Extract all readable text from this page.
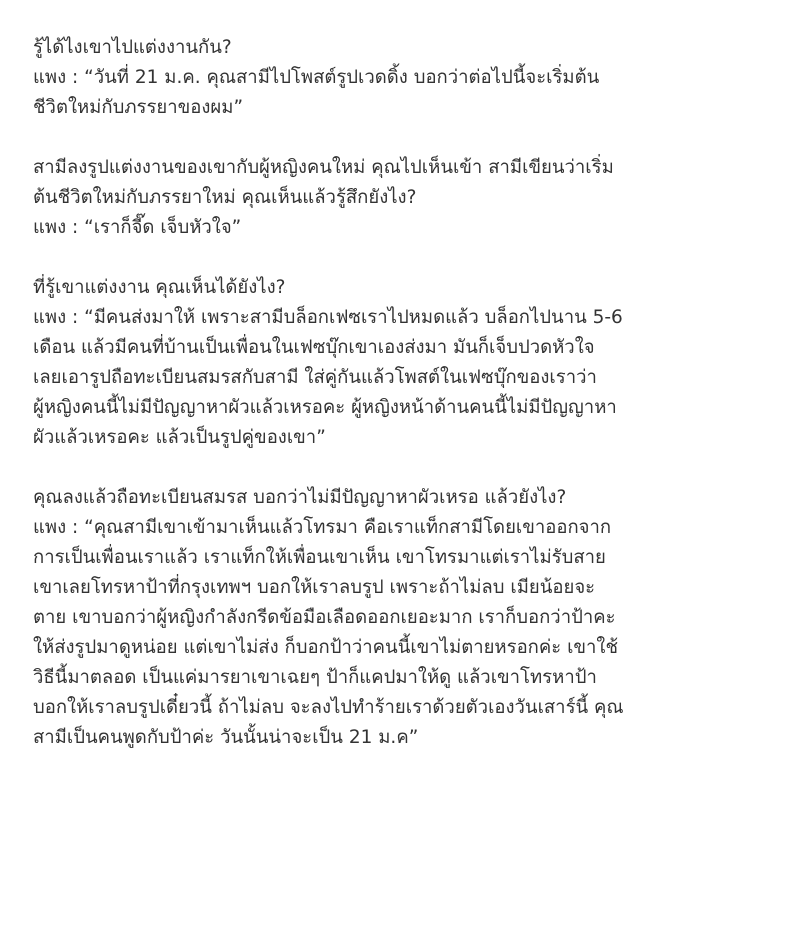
รู้ได้ไงเขาไปแต่งงานกัน?
แพง : “วันที่ 21 ม.ค. คุณสามีไปโพสต์รูปเวดดิ้ง บอกว่าต่อไปนี้จะเริ่มต้น
ชีวิตใหม่กับภรรยาของผม”
สามีลงรูปแต่งงานของเขากับผู้หญิงคนใหม่ คุณไปเห็นเข้า สามีเขียนว่าเริ่ม
ต้นชีวิตใหม่กับภรรยาใหม่ คุณเห็นแล้วรู้สึกยังไง?
แพง : “เราก็จี๊ด เจ็บหัวใจ”
ที่รู้เขาแต่งงาน คุณเห็นได้ยังไง?
แพง : “มีคนส่งมาให้ เพราะสามีบล็อกเฟซเราไปหมดแล้ว บล็อกไปนาน 5-6
เดือน แล้วมีคนที่บ้านเป็นเพื่อนในเฟซบุ๊กเขาเองส่งมา มันก็เจ็บปวดหัวใจ
เลยเอารูปถือทะเบียนสมรสกับสามี ใส่คู่กันแล้วโพสต์ในเฟซบุ๊กของเราว่า
ผู้หญิงคนนี้ไม่มีปัญญาหาผัวแล้วเหรอคะ ผู้หญิงหน้าด้านคนนี้ไม่มีปัญญาหา
ผัวแล้วเหรอคะ แล้วเป็นรูปคู่ของเขา”
คุณลงแล้วถือทะเบียนสมรส บอกว่าไม่มีปัญญาหาผัวเหรอ แล้วยังไง?
แพง : “คุณสามีเขาเข้ามาเห็นแล้วโทรมา คือเราแท็กสามีโดยเขาออกจาก
การเป็นเพื่อนเราแล้ว เราแท็กให้เพื่อนเขาเห็น เขาโทรมาแต่เราไม่รับสาย
เขาเลยโทรหาป้าที่กรุงเทพฯ บอกให้เราลบรูป เพราะถ้าไม่ลบ เมียน้อยจะ
ตาย เขาบอกว่าผู้หญิงกำลังกรีดข้อมือเลือดออกเยอะมาก เราก็บอกว่าป้าคะ
ให้ส่งรูปมาดูหน่อย แต่เขาไม่ส่ง ก็บอกป้าว่าคนนี้เขาไม่ตายหรอกค่ะ เขาใช้
วิธีนี้มาตลอด เป็นแค่มารยาเขาเฉยๆ ป้าก็แคปมาให้ดู แล้วเขาโทรหาป้า
บอกให้เราลบรูปเดี๋ยวนี้ ถ้าไม่ลบ จะลงไปทำร้ายเราด้วยตัวเองวันเสาร์นี้ คุณ
สามีเป็นคนพูดกับป้าค่ะ วันนั้นน่าจะเป็น 21 ม.ค”
